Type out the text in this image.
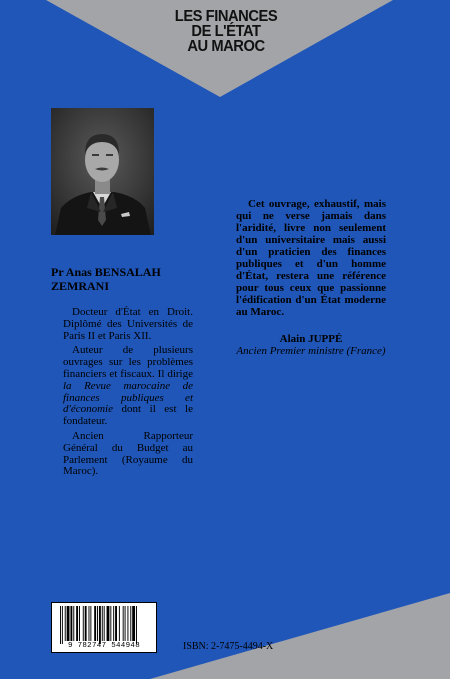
LES FINANCES
DE L'ÉTAT
AU MAROC
Pr Anas BENSALAH
ZEMRANI

Docteur d'État en Droit. Diplômé des Universités de Paris II et Paris XII.

Auteur de plusieurs ouvrages sur les problèmes financiers et fiscaux. Il dirige la Revue marocaine de finances publiques et d'économie dont il est le fondateur.

Ancien Rapporteur Général du Budget au Parlement (Royaume du Maroc).

Cet ouvrage, exhaustif, mais qui ne verse jamais dans l'aridité, livre non seulement d'un universitaire mais aussi d'un praticien des finances publiques et d'un homme d'État, restera une référence pour tous ceux que passionne l'édification d'un État moderne au Maroc.
Alain JUPPÉ
Ancien Premier ministre (France)
9 782747 544948	ISBN: 2-7475-4494-X
